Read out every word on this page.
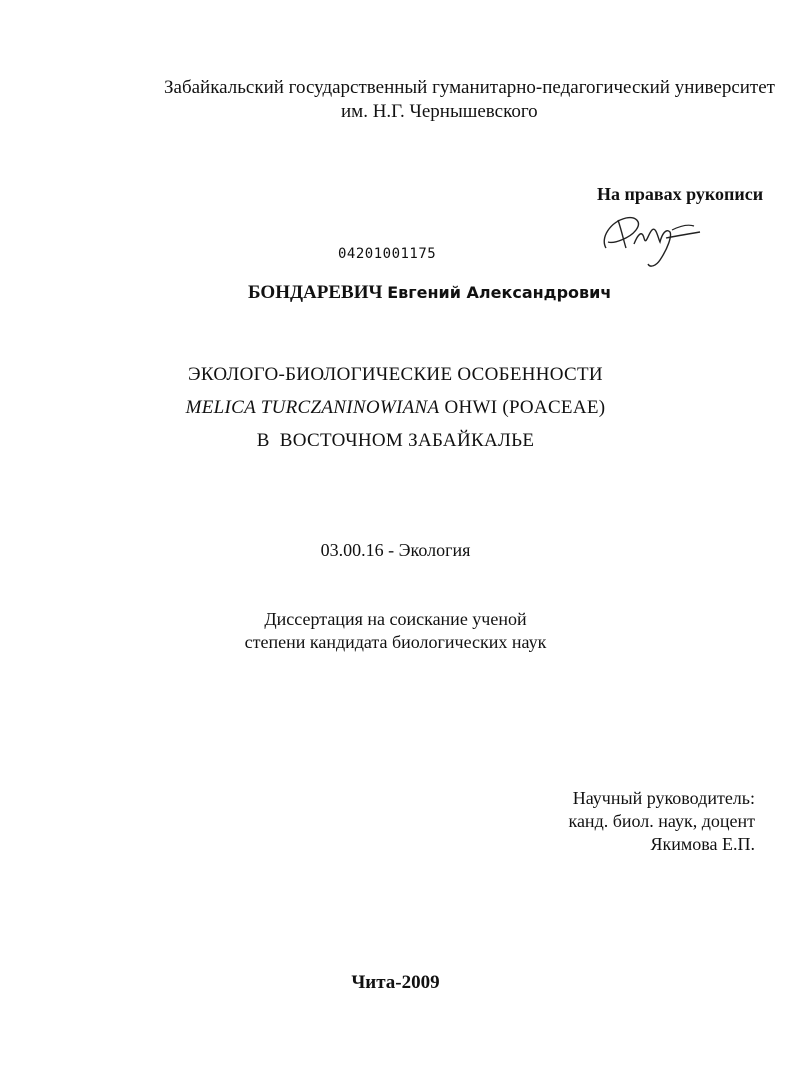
Забайкальский государственный гуманитарно-педагогический университет
им. Н.Г. Чернышевского
На правах рукописи
04201001175
БОНДАРЕВИЧ Евгений Александрович
ЭКОЛОГО-БИОЛОГИЧЕСКИЕ ОСОБЕННОСТИ
MELICA TURCZANINOWIANA OHWI (POACEAE)
В  ВОСТОЧНОМ ЗАБАЙКАЛЬЕ
03.00.16 - Экология
Диссертация на соискание ученой
степени кандидата биологических наук
Научный руководитель:
канд. биол. наук, доцент
Якимова Е.П.
Чита-2009
